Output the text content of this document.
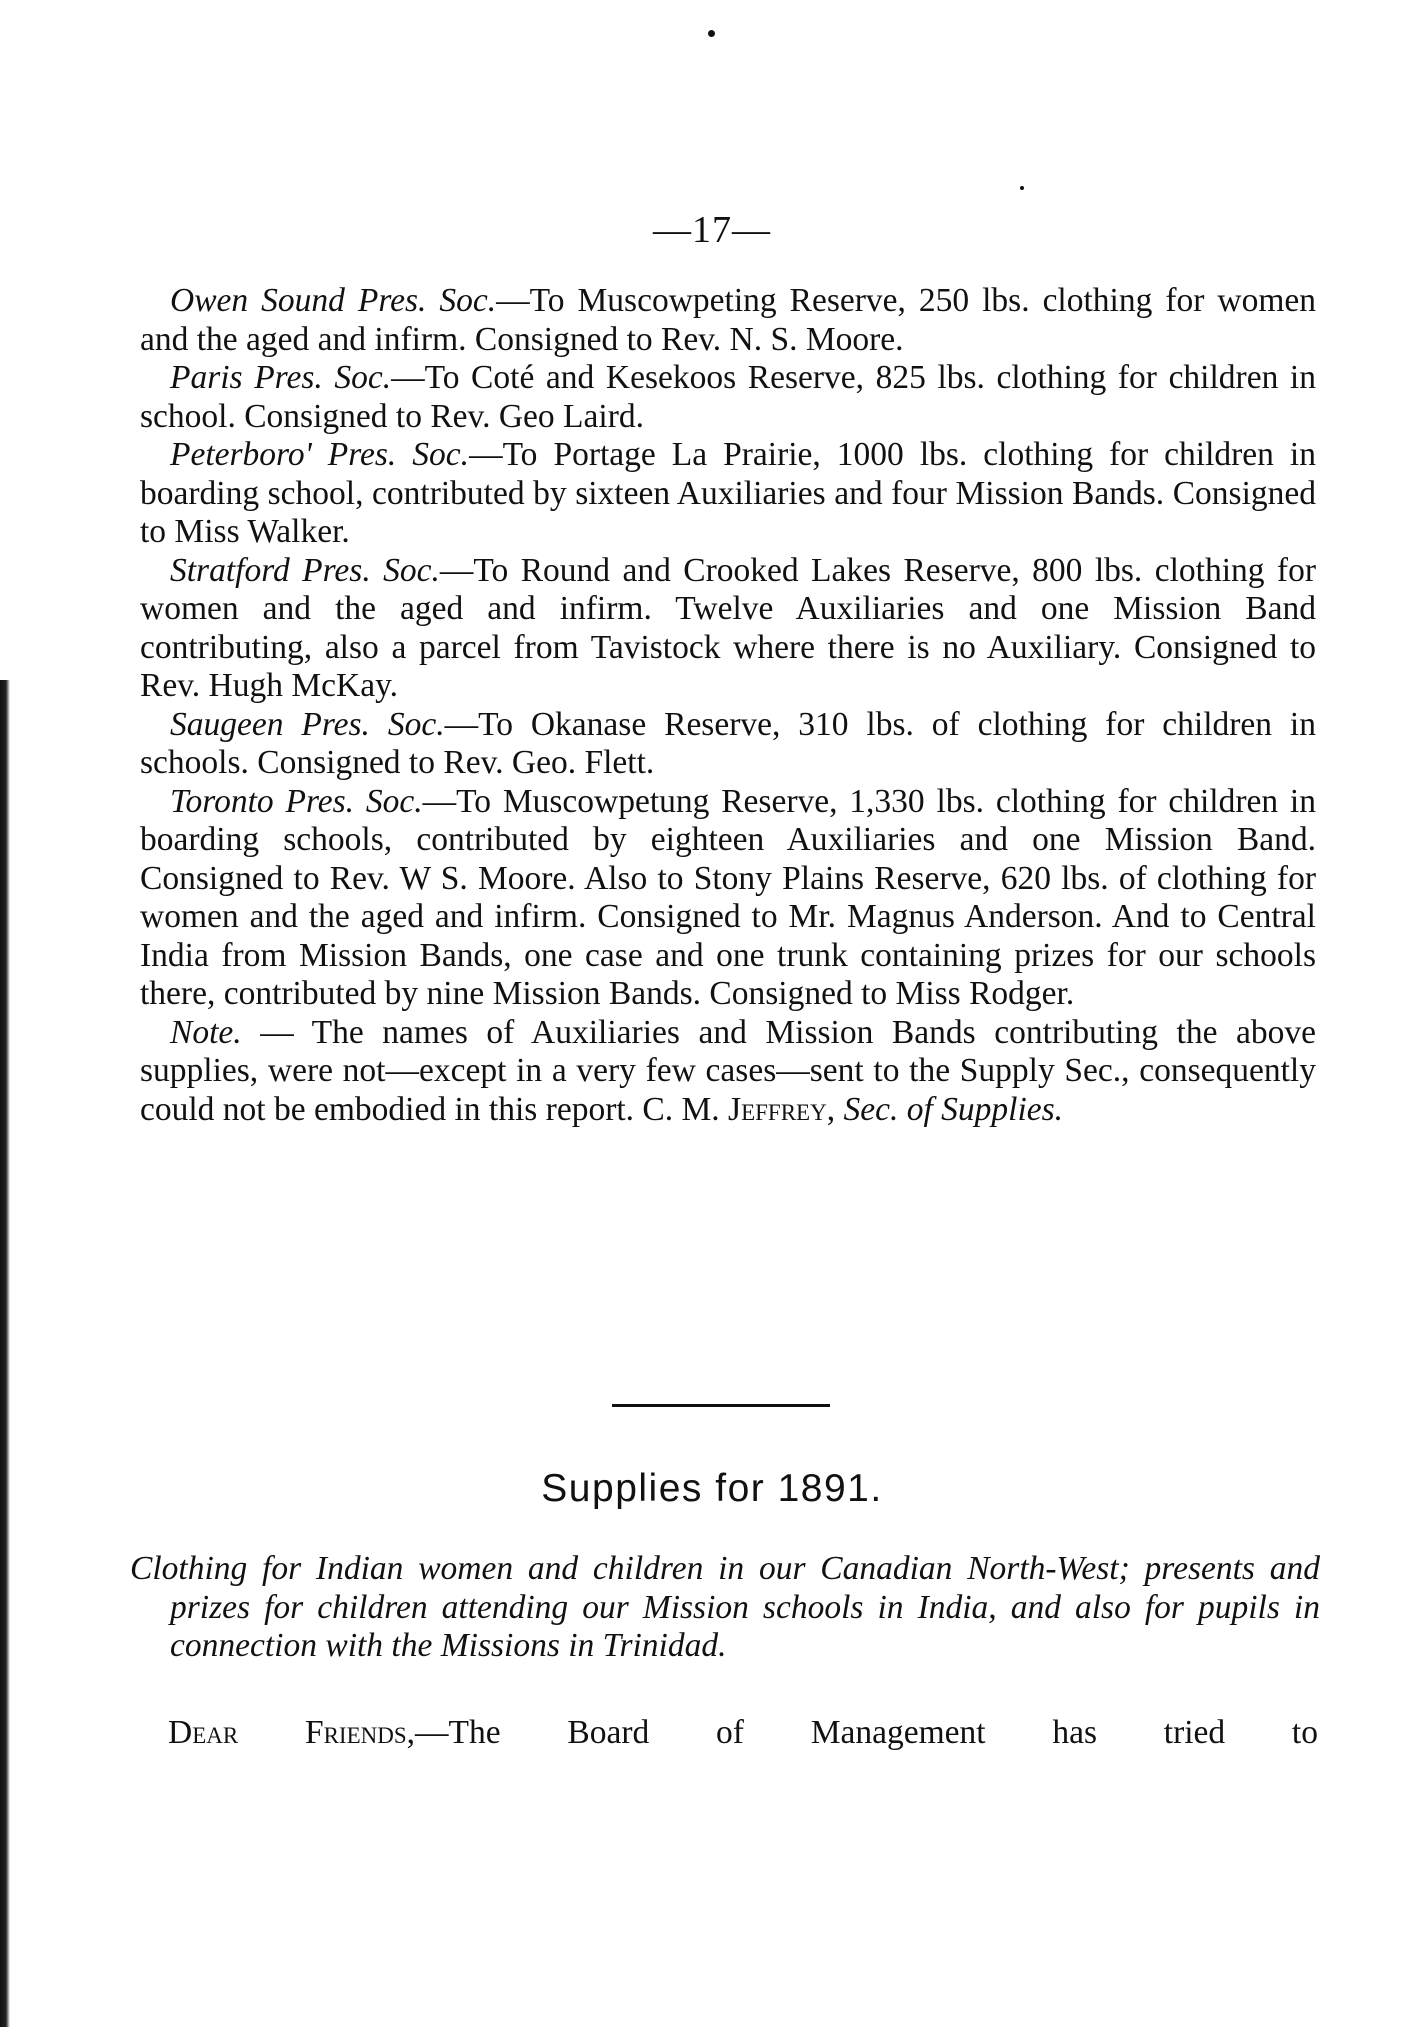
—17—

Owen Sound Pres. Soc.—To Muscowpeting Reserve, 250 lbs. clothing for women and the aged and infirm. Consigned to Rev. N. S. Moore.

Paris Pres. Soc.—To Coté and Kesekoos Reserve, 825 lbs. clothing for children in school. Consigned to Rev. Geo Laird.

Peterboro' Pres. Soc.—To Portage La Prairie, 1000 lbs. clothing for children in boarding school, contributed by sixteen Auxiliaries and four Mission Bands. Consigned to Miss Walker.

Stratford Pres. Soc.—To Round and Crooked Lakes Reserve, 800 lbs. clothing for women and the aged and infirm. Twelve Auxiliaries and one Mission Band contributing, also a parcel from Tavistock where there is no Auxiliary. Consigned to Rev. Hugh McKay.

Saugeen Pres. Soc.—To Okanase Reserve, 310 lbs. of clothing for children in schools. Consigned to Rev. Geo. Flett.

Toronto Pres. Soc.—To Muscowpetung Reserve, 1,330 lbs. clothing for children in boarding schools, contributed by eighteen Auxiliaries and one Mission Band. Consigned to Rev. W S. Moore. Also to Stony Plains Reserve, 620 lbs. of clothing for women and the aged and infirm. Consigned to Mr. Magnus Anderson. And to Central India from Mission Bands, one case and one trunk containing prizes for our schools there, contributed by nine Mission Bands. Consigned to Miss Rodger.

Note. — The names of Auxiliaries and Mission Bands contributing the above supplies, were not—except in a very few cases—sent to the Supply Sec., consequently could not be embodied in this report. C. M. Jeffrey, Sec. of Supplies.

Supplies for 1891.
Clothing for Indian women and children in our Canadian North-West; presents and prizes for children attending our Mission schools in India, and also for pupils in connection with the Missions in Trinidad.
Dear Friends,—The Board of Management has tried to
